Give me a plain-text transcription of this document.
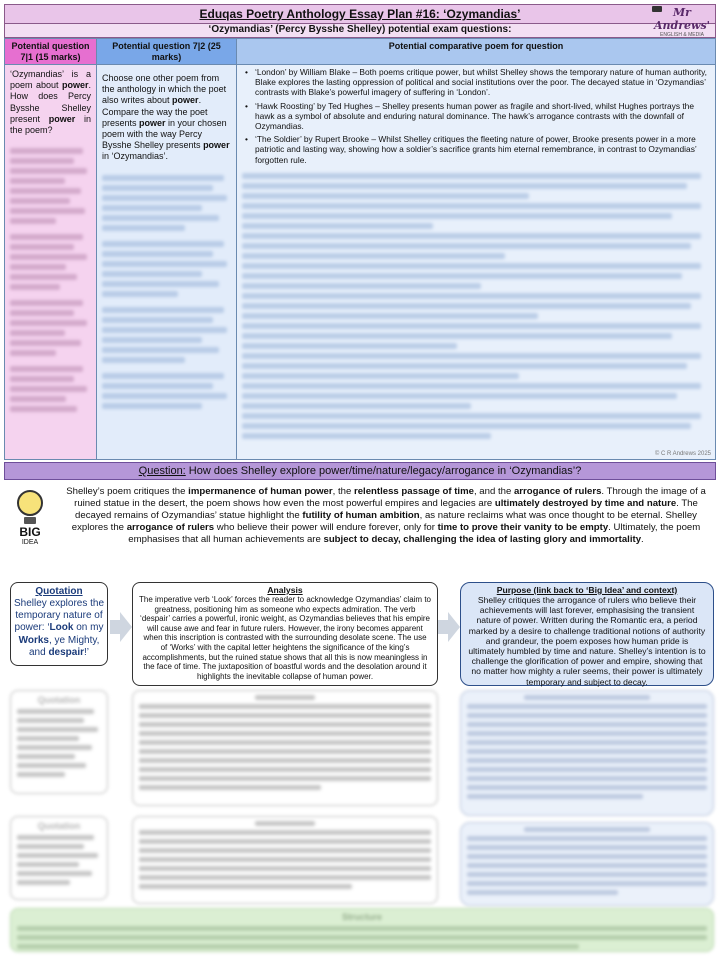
Eduqas Poetry Anthology Essay Plan #16: ‘Ozymandias’
‘Ozymandias’ (Percy Bysshe Shelley) potential exam questions:
Mr Andrews'
ENGLISH & MEDIA
Potential question 7|1 (15 marks)
Potential question 7|2 (25 marks)
Potential comparative poem for question
‘Ozymandias’ is a poem about power. How does Percy Bysshe Shelley present power in the poem?
Choose one other poem from the anthology in which the poet also writes about power. Compare the way the poet presents power in your chosen poem with the way Percy Bysshe Shelley presents power in ‘Ozymandias’.
• ‘London’ by William Blake – Both poems critique power, but whilst Shelley shows the temporary nature of human authority, Blake explores the lasting oppression of political and social institutions over the poor. The decayed statue in ‘Ozymandias’ contrasts with Blake’s powerful imagery of suffering in ‘London’.
• ‘Hawk Roosting’ by Ted Hughes – Shelley presents human power as fragile and short-lived, whilst Hughes portrays the hawk as a symbol of absolute and enduring natural dominance. The hawk’s arrogance contrasts with the downfall of Ozymandias.
• ‘The Soldier’ by Rupert Brooke – Whilst Shelley critiques the fleeting nature of power, Brooke presents power in a more patriotic and lasting way, showing how a soldier’s sacrifice grants him eternal remembrance, in contrast to Ozymandias’ forgotten rule.
© C R Andrews 2025
Question: How does Shelley explore power/time/nature/legacy/arrogance in ‘Ozymandias’?
BIG
IDEA
Shelley’s poem critiques the impermanence of human power, the relentless passage of time, and the arrogance of rulers. Through the image of a ruined statue in the desert, the poem shows how even the most powerful empires and legacies are ultimately destroyed by time and nature. The decayed remains of Ozymandias’ statue highlight the futility of human ambition, as nature reclaims what was once thought to be eternal. Shelley explores the arrogance of rulers who believe their power will endure forever, only for time to prove their vanity to be empty. Ultimately, the poem emphasises that all human achievements are subject to decay, challenging the idea of lasting glory and immortality.
Quotation
Shelley explores the temporary nature of power: ‘Look on my Works, ye Mighty, and despair!’
Analysis
The imperative verb ‘Look’ forces the reader to acknowledge Ozymandias’ claim to greatness, positioning him as someone who expects admiration. The verb ‘despair’ carries a powerful, ironic weight, as Ozymandias believes that his empire will cause awe and fear in future rulers. However, the irony becomes apparent when this inscription is contrasted with the surrounding desolate scene. The use of ‘Works’ with the capital letter heightens the significance of the king’s accomplishments, but the ruined statue shows that all this is now meaningless in the face of time. The juxtaposition of boastful words and the desolation around it highlights the inevitable collapse of human power.
Purpose (link back to ‘Big Idea’ and context)
Shelley critiques the arrogance of rulers who believe their achievements will last forever, emphasising the transient nature of power. Written during the Romantic era, a period marked by a desire to challenge traditional notions of authority and grandeur, the poem exposes how human pride is ultimately humbled by time and nature. Shelley’s intention is to challenge the glorification of power and empire, showing that no matter how mighty a ruler seems, their power is ultimately temporary and subject to decay.
Quotation
Quotation
Structure
